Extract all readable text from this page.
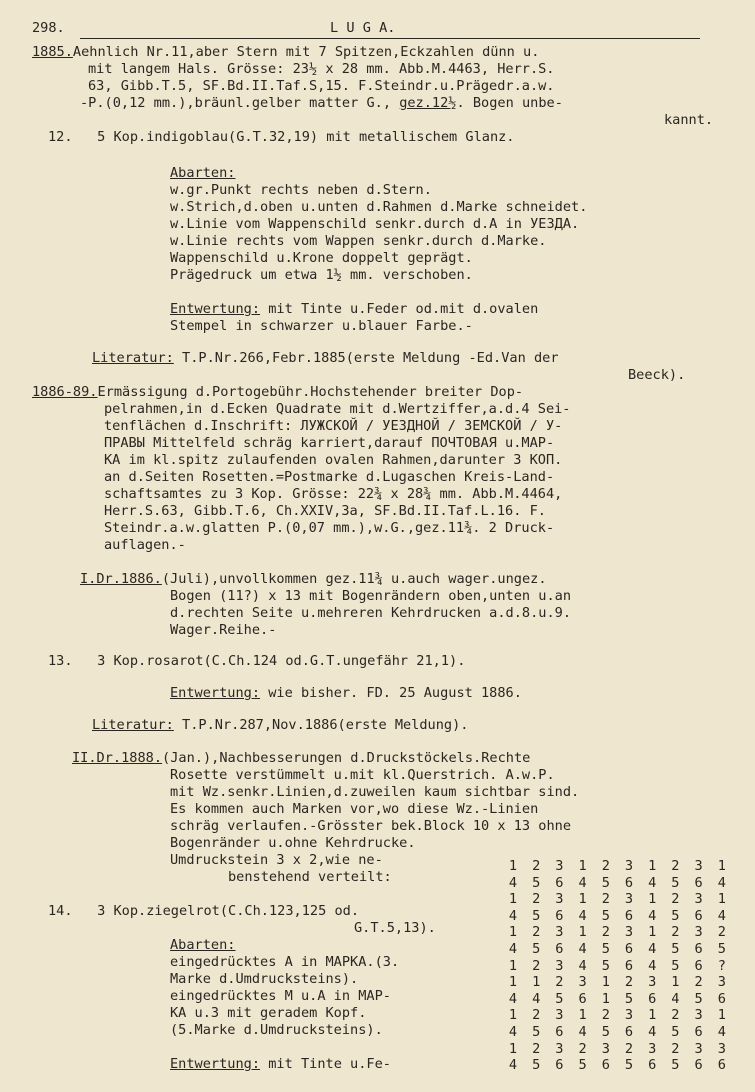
298.	L U G A.
1885.Aehnlich Nr.11,aber Stern mit 7 Spitzen,Eckzahlen dünn u.
mit langem Hals. Grösse: 23½ x 28 mm. Abb.M.4463, Herr.S.
63, Gibb.T.5, SF.Bd.II.Taf.S,15. F.Steindr.u.Prägedr.a.w.
-P.(0,12 mm.),bräunl.gelber matter G., gez.12½. Bogen unbe-
kannt.
12.   5 Kop.indigoblau(G.T.32,19) mit metallischem Glanz.
Abarten:
w.gr.Punkt rechts neben d.Stern.
w.Strich,d.oben u.unten d.Rahmen d.Marke schneidet.
w.Linie vom Wappenschild senkr.durch d.A in УЕЗДА.
w.Linie rechts vom Wappen senkr.durch d.Marke.
Wappenschild u.Krone doppelt geprägt.
Prägedruck um etwa 1½ mm. verschoben.
Entwertung: mit Tinte u.Feder od.mit d.ovalen
Stempel in schwarzer u.blauer Farbe.-
Literatur: T.P.Nr.266,Febr.1885(erste Meldung -Ed.Van der
Beeck).
1886-89.Ermässigung d.Portogebühr.Hochstehender breiter Dop-
pelrahmen,in d.Ecken Quadrate mit d.Wertziffer,a.d.4 Sei-
tenflächen d.Inschrift: ЛУЖСКОЙ / УЕЗДНОЙ / ЗЕМСКОЙ / У-
ПРАВЫ Mittelfeld schräg karriert,darauf ПОЧТОВАЯ u.МАР-
КА im kl.spitz zulaufenden ovalen Rahmen,darunter 3 КОП.
an d.Seiten Rosetten.=Postmarke d.Lugaschen Kreis-Land-
schaftsamtes zu 3 Kop. Grösse: 22¾ x 28¾ mm. Abb.M.4464,
Herr.S.63, Gibb.T.6, Ch.XXIV,3a, SF.Bd.II.Taf.L.16. F.
Steindr.a.w.glatten P.(0,07 mm.),w.G.,gez.11¾. 2 Druck-
auflagen.-
I.Dr.1886.(Juli),unvollkommen gez.11¾ u.auch wager.ungez.
Bogen (11?) x 13 mit Bogenrändern oben,unten u.an
d.rechten Seite u.mehreren Kehrdrucken a.d.8.u.9.
Wager.Reihe.-
13.   3 Kop.rosarot(C.Ch.124 od.G.T.ungefähr 21,1).
Entwertung: wie bisher. FD. 25 August 1886.
Literatur: T.P.Nr.287,Nov.1886(erste Meldung).
II.Dr.1888.(Jan.),Nachbesserungen d.Druckstöckels.Rechte
Rosette verstümmelt u.mit kl.Querstrich. A.w.P.
mit Wz.senkr.Linien,d.zuweilen kaum sichtbar sind.
Es kommen auch Marken vor,wo diese Wz.-Linien
schräg verlaufen.-Grösster bek.Block 10 x 13 ohne
Bogenränder u.ohne Kehrdrucke.
Umdruckstein 3 x 2,wie ne-
benstehend verteilt:
14.   3 Kop.ziegelrot(C.Ch.123,125 od.
G.T.5,13).
Abarten:
eingedrücktes A in МАРКА.(3.
Marke d.Umdrucksteins).
eingedrücktes M u.A in MAP-
КА u.3 mit geradem Kopf.
(5.Marke d.Umdrucksteins).
Entwertung: mit Tinte u.Fe-
1	2	3	1	2	3	1	2	3	1
4	5	6	4	5	6	4	5	6	4
1	2	3	1	2	3	1	2	3	1
4	5	6	4	5	6	4	5	6	4
1	2	3	1	2	3	1	2	3	2
4	5	6	4	5	6	4	5	6	5
1	2	3	4	5	6	4	5	6	?
1	1	2	3	1	2	3	1	2	3
4	4	5	6	1	5	6	4	5	6
1	2	3	1	2	3	1	2	3	1
4	5	6	4	5	6	4	5	6	4
1	2	3	2	3	2	3	2	3	3
4	5	6	5	6	5	6	5	6	6
